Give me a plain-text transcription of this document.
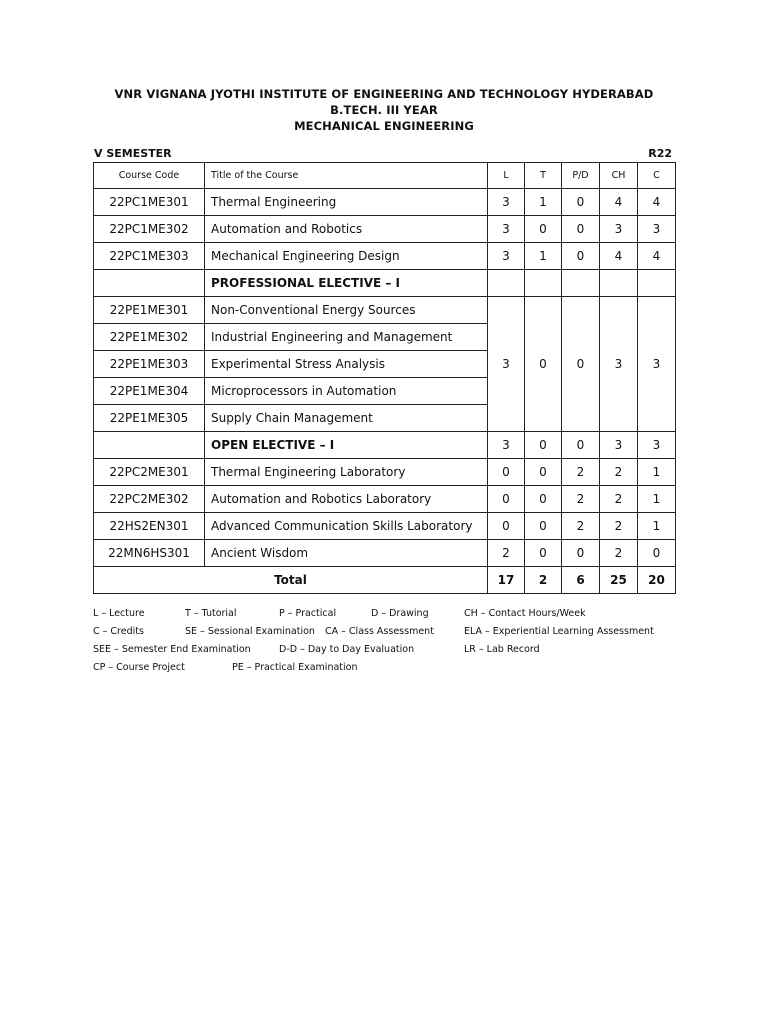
VNR VIGNANA JYOTHI INSTITUTE OF ENGINEERING AND TECHNOLOGY HYDERABAD
B.TECH. III YEAR
MECHANICAL ENGINEERING
V SEMESTER	R22
Course Code	Title of the Course	L	T	P/D	CH	C
22PC1ME301	Thermal Engineering	3	1	0	4	4
22PC1ME302	Automation and Robotics	3	0	0	3	3
22PC1ME303	Mechanical Engineering Design	3	1	0	4	4
	PROFESSIONAL ELECTIVE – I					
22PE1ME301	Non-Conventional Energy Sources	3	0	0	3	3
22PE1ME302	Industrial Engineering and Management					
22PE1ME303	Experimental Stress Analysis					
22PE1ME304	Microprocessors in Automation					
22PE1ME305	Supply Chain Management					
	OPEN ELECTIVE – I	3	0	0	3	3
22PC2ME301	Thermal Engineering Laboratory	0	0	2	2	1
22PC2ME302	Automation and Robotics Laboratory	0	0	2	2	1
22HS2EN301	Advanced Communication Skills Laboratory	0	0	2	2	1
22MN6HS301	Ancient Wisdom	2	0	0	2	0
Total		17	2	6	25	20
L – Lecture	T – Tutorial	P – Practical	D – Drawing	CH – Contact Hours/Week
C – Credits	SE – Sessional Examination CA – Class Assessment	ELA – Experiential Learning Assessment
SEE – Semester End Examination	D-D – Day to Day Evaluation	LR – Lab Record
CP – Course Project	PE – Practical Examination
